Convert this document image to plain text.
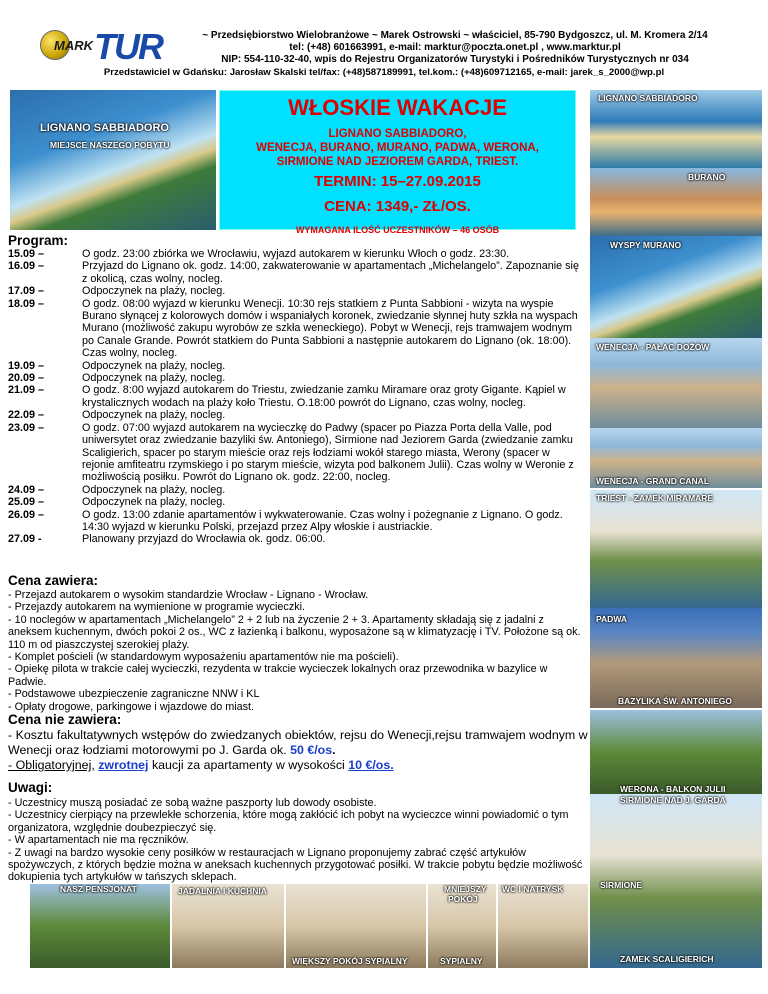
MARK TUR	~ Przedsiębiorstwo Wielobranżowe ~ Marek Ostrowski ~ właściciel, 85-790 Bydgoszcz, ul. M. Kromera 2/14
tel: (+48) 601663991, e-mail: marktur@poczta.onet.pl , www.marktur.pl
NIP: 554-110-32-40, wpis do Rejestru Organizatorów Turystyki i Pośredników Turystycznych nr 034
Przedstawiciel w Gdańsku: Jarosław Skalski tel/fax: (+48)587189991, tel.kom.: (+48)609712165, e-mail: jarek_s_2000@wp.pl
LIGNANO SABBIADORO
MIEJSCE NASZEGO POBYTU
WŁOSKIE WAKACJE
LIGNANO SABBIADORO,
WENECJA, BURANO, MURANO, PADWA, WERONA,
SIRMIONE NAD JEZIOREM GARDA, TRIEST.
TERMIN: 15–27.09.2015
CENA: 1349,- ZŁ/OS.
WYMAGANA ILOŚĆ UCZESTNIKÓW – 46 OSÓB
LIGNANO SABBIADORO
BURANO
WYSPY MURANO
WENECJA - PAŁAC DOŻÓW
WENECJA - GRAND CANAL
TRIEST - ZAMEK MIRAMARE
PADWA
BAZYLIKA ŚW. ANTONIEGO
WERONA - BALKON JULII
SIRMIONE NAD J. GARDA
SIRMIONE
ZAMEK SCALIGIERICH
NASZ PENSJONAT	JADALNIA I KUCHNIA
WIĘKSZY POKÓJ SYPIALNY
MNIEJSZY
POKÓJ
SYPIALNY
WC I NATRYSK
Program:
15.09 –	O godz. 23:00 zbiórka we Wrocławiu, wyjazd autokarem w kierunku Włoch o godz. 23:30.
16.09 –	Przyjazd do Lignano ok. godz. 14:00, zakwaterowanie w apartamentach „Michelangelo”. Zapoznanie się z okolicą, czas wolny, nocleg.
17.09 –	Odpoczynek na plaży, nocleg.
18.09 –	O godz. 08:00 wyjazd w kierunku Wenecji. 10:30 rejs statkiem z Punta Sabbioni - wizyta na wyspie Burano słynącej z kolorowych domów i wspaniałych koronek, zwiedzanie słynnej huty szkła na wyspach Murano (możliwość zakupu wyrobów ze szkła weneckiego). Pobyt w Wenecji, rejs tramwajem wodnym po Canale Grande. Powrót statkiem do Punta Sabbioni a następnie autokarem do Lignano (ok. 18:00). Czas wolny, nocleg.
19.09 –	Odpoczynek na plaży, nocleg.
20.09 –	Odpoczynek na plaży, nocleg.
21.09 –	O godz. 8:00 wyjazd autokarem do Triestu, zwiedzanie zamku Miramare oraz groty Gigante. Kąpiel w krystalicznych wodach na plaży koło Triestu. O.18:00 powrót do Lignano, czas wolny, nocleg.
22.09 –	Odpoczynek na plaży, nocleg.
23.09 –	O godz. 07:00 wyjazd autokarem na wycieczkę do Padwy (spacer po Piazza Porta della Valle, pod uniwersytet oraz zwiedzanie bazyliki św. Antoniego), Sirmione nad Jeziorem Garda (zwiedzanie zamku Scaligierich, spacer po starym mieście oraz rejs łodziami wokół starego miasta, Werony (spacer w rejonie amfiteatru rzymskiego i po starym mieście, wizyta pod balkonem Julii). Czas wolny w Weronie z możliwością posiłku. Powrót do Lignano ok. godz. 22:00, nocleg.
24.09 –	Odpoczynek na plaży, nocleg.
25.09 –	Odpoczynek na plaży, nocleg.
26.09 –	O godz. 13:00 zdanie apartamentów i wykwaterowanie. Czas wolny i pożegnanie z Lignano. O godz. 14:30 wyjazd w kierunku Polski, przejazd przez Alpy włoskie i austriackie.
27.09 -	Planowany przyjazd do Wrocławia ok. godz. 06:00.
Cena zawiera:
- Przejazd autokarem o wysokim standardzie Wrocław - Lignano - Wrocław.
- Przejazdy autokarem na wymienione w programie wycieczki.
- 10 noclegów w apartamentach „Michelangelo” 2 + 2 lub na życzenie 2 + 3. Apartamenty składają się z jadalni z aneksem kuchennym, dwóch pokoi 2 os., WC z łazienką i balkonu, wyposażone są w klimatyzację i TV. Położone są ok. 110 m od piaszczystej szerokiej plaży.
- Komplet pościeli (w standardowym wyposażeniu apartamentów nie ma pościeli).
- Opiekę pilota w trakcie całej wycieczki, rezydenta w trakcie wycieczek lokalnych oraz przewodnika w bazylice w Padwie.
- Podstawowe ubezpieczenie zagraniczne NNW i KL
- Opłaty drogowe, parkingowe i wjazdowe do miast.
Cena nie zawiera:
- Kosztu fakultatywnych wstępów do zwiedzanych obiektów, rejsu do Wenecji,rejsu tramwajem wodnym w Wenecji oraz łodziami motorowymi po J. Garda ok. 50 €/os.
- Obligatoryjnej, zwrotnej kaucji za apartamenty w wysokości 10 €/os.
Uwagi:
- Uczestnicy muszą posiadać ze sobą ważne paszporty lub dowody osobiste.
- Uczestnicy cierpiący na przewlekłe schorzenia, które mogą zakłócić ich pobyt na wycieczce winni powiadomić o tym organizatora, względnie doubezpieczyć się.
- W apartamentach nie ma ręczników.
- Z uwagi na bardzo wysokie ceny posiłków w restauracjach w Lignano proponujemy zabrać część artykułów spożywczych, z których będzie można w aneksach kuchennych przygotować posiłki. W trakcie pobytu będzie możliwość dokupienia tych artykułów w tańszych sklepach.
